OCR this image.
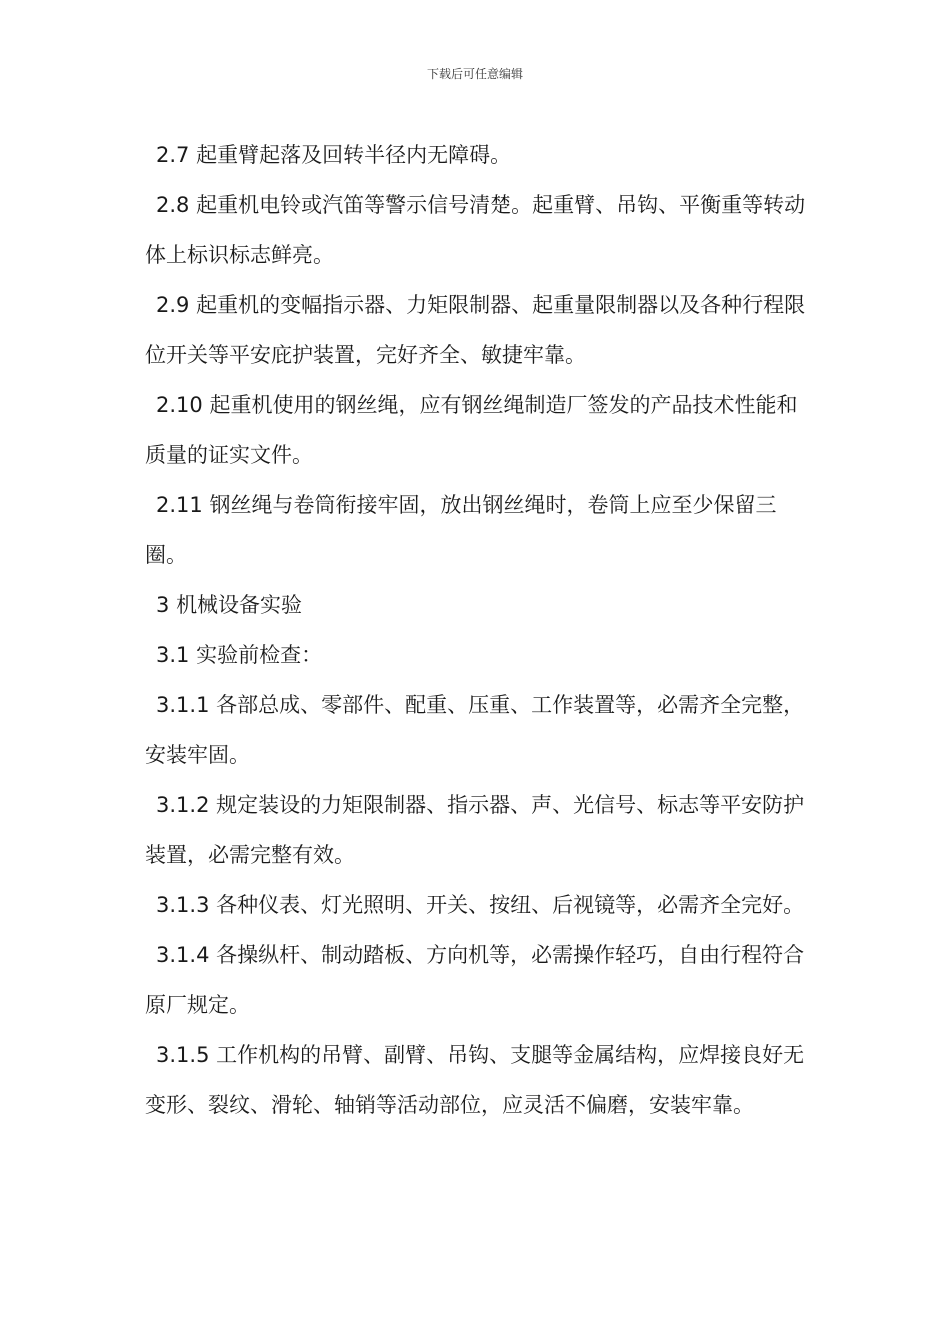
下载后可任意编辑

2.7 起重臂起落及回转半径内无障碍。

2.8 起重机电铃或汽笛等警示信号清楚。起重臂、吊钩、平衡重等转动体上标识标志鲜亮。

2.9 起重机的变幅指示器、力矩限制器、起重量限制器以及各种行程限位开关等平安庇护装置，完好齐全、敏捷牢靠。

2.10 起重机使用的钢丝绳，应有钢丝绳制造厂签发的产品技术性能和质量的证实文件。

2.11 钢丝绳与卷筒衔接牢固，放出钢丝绳时，卷筒上应至少保留三圈。

3 机械设备实验

3.1 实验前检查：

3.1.1 各部总成、零部件、配重、压重、工作装置等，必需齐全完整，安装牢固。

3.1.2 规定装设的力矩限制器、指示器、声、光信号、标志等平安防护装置，必需完整有效。

3.1.3 各种仪表、灯光照明、开关、按纽、后视镜等，必需齐全完好。

3.1.4 各操纵杆、制动踏板、方向机等，必需操作轻巧，自由行程符合原厂规定。

3.1.5 工作机构的吊臂、副臂、吊钩、支腿等金属结构，应焊接良好无变形、裂纹、滑轮、轴销等活动部位，应灵活不偏磨，安装牢靠。
